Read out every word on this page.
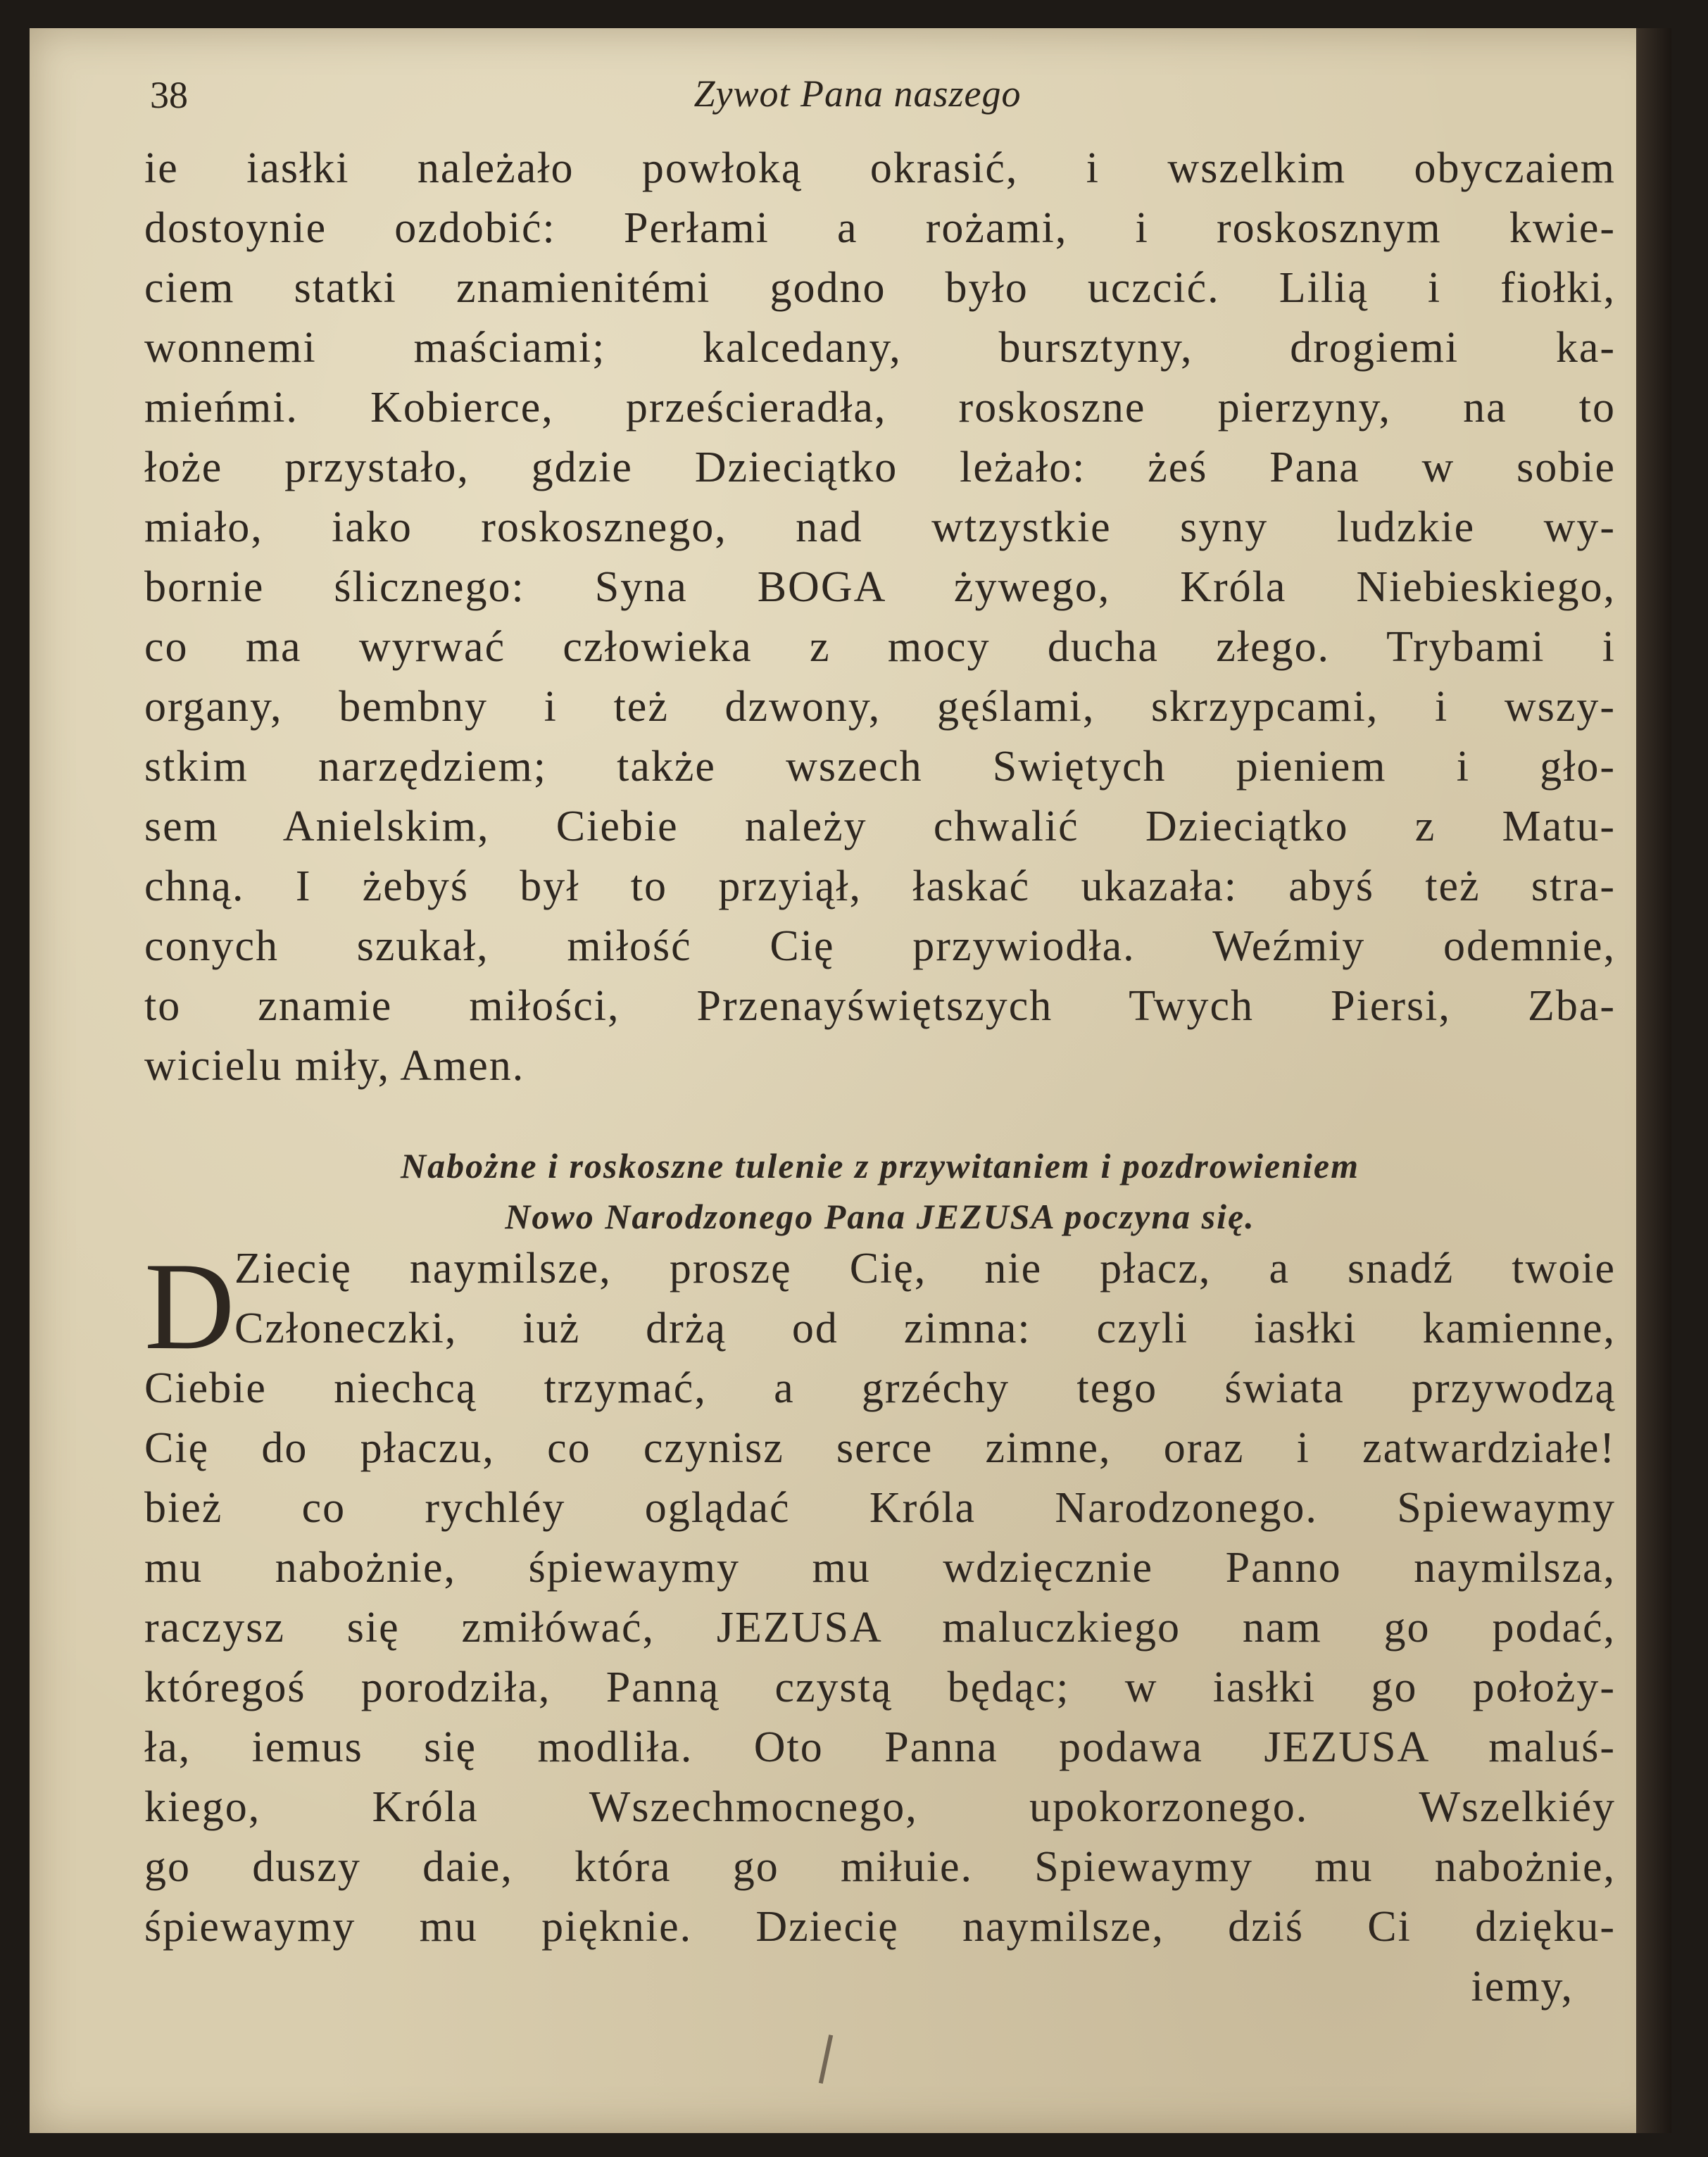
38	Zywot Pana naszego
ie iasłki należało powłoką okrasić, i wszelkim obyczaiem
dostoynie ozdobić: Perłami a rożami, i roskosznym kwie-
ciem statki znamienitémi godno było uczcić. Lilią i fiołki,
wonnemi maściami; kalcedany, bursztyny, drogiemi ka-
mieńmi. Kobierce, prześcieradła, roskoszne pierzyny, na to
łoże przystało, gdzie Dzieciątko leżało: żeś Pana w sobie
miało, iako roskosznego, nad wtzystkie syny ludzkie wy-
bornie ślicznego: Syna BOGA żywego, Króla Niebieskiego,
co ma wyrwać człowieka z mocy ducha złego. Trybami i
organy, bembny i też dzwony, gęślami, skrzypcami, i wszy-
stkim narzędziem; także wszech Swiętych pieniem i gło-
sem Anielskim, Ciebie należy chwalić Dzieciątko z Matu-
chną. I żebyś był to przyiął, łaskać ukazała: abyś też stra-
conych szukał, miłość Cię przywiodła. Weźmiy odemnie,
to znamie miłości, Przenayświętszych Twych Piersi, Zba-
wicielu miły, Amen.
Nabożne i roskoszne tulenie z przywitaniem i pozdrowieniem
Nowo Narodzonego Pana JEZUSA poczyna się.
D Ziecię naymilsze, proszę Cię, nie płacz, a snadź twoie
Członeczki, iuż drżą od zimna: czyli iasłki kamienne,
Ciebie niechcą trzymać, a grzéchy tego świata przywodzą
Cię do płaczu, co czynisz serce zimne, oraz i zatwardziałe!
bież co rychléy oglądać Króla Narodzonego. Spiewaymy
mu nabożnie, śpiewaymy mu wdzięcznie Panno naymilsza,
raczysz się zmiłówać, JEZUSA maluczkiego nam go podać,
któregoś porodziła, Panną czystą będąc; w iasłki go położy-
ła, iemus się modliła. Oto Panna podawa JEZUSA maluś-
kiego, Króla Wszechmocnego, upokorzonego. Wszelkiéy
go duszy daie, która go miłuie. Spiewaymy mu nabożnie,
śpiewaymy mu pięknie. Dziecię naymilsze, dziś Ci dzięku-
iemy,
